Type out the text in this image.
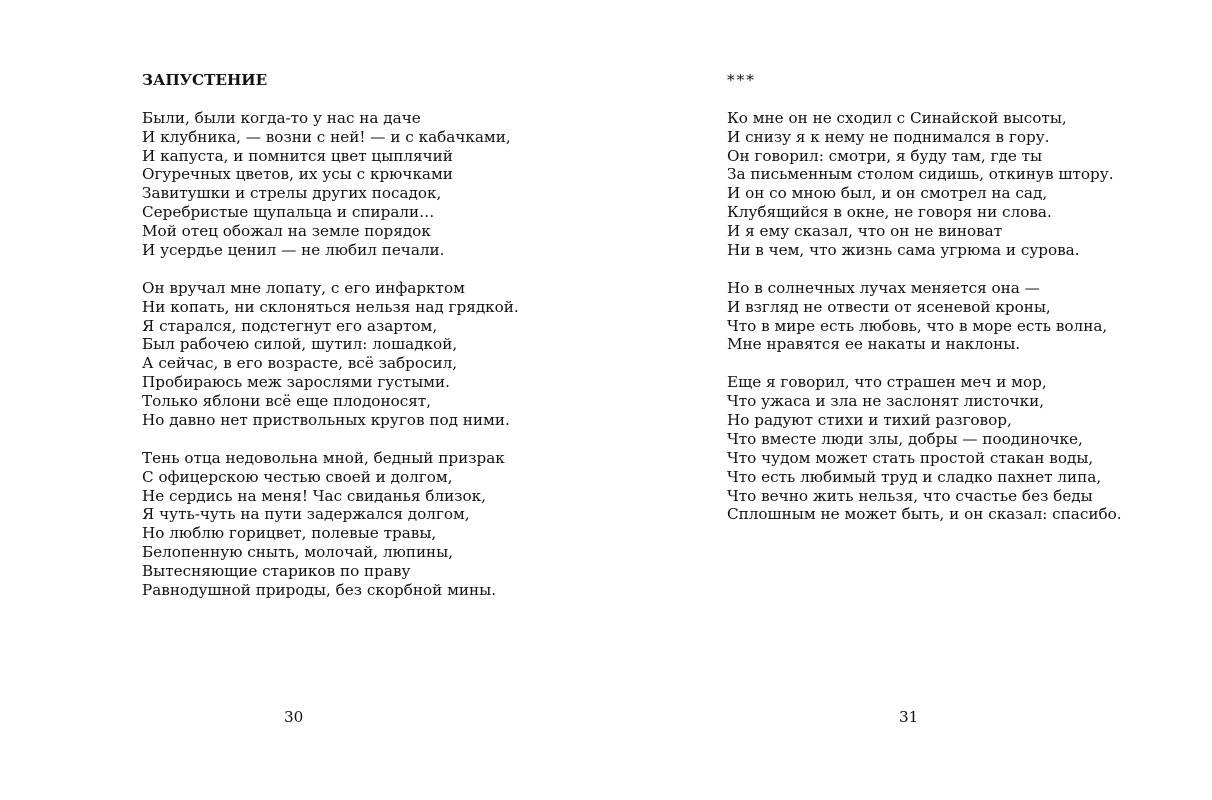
ЗАПУСТЕНИЕ
Были, были когда-то у нас на даче
И клубника, — возни с ней! — и с кабачками,
И капуста, и помнится цвет цыплячий
Огуречных цветов, их усы с крючками
Завитушки и стрелы других посадок,
Серебристые щупальца и спирали…
Мой отец обожал на земле порядок
И усердье ценил — не любил печали.
Он вручал мне лопату, с его инфарктом
Ни копать, ни склоняться нельзя над грядкой.
Я старался, подстегнут его азартом,
Был рабочею силой, шутил: лошадкой,
А сейчас, в его возрасте, всё забросил,
Пробираюсь меж зарослями густыми.
Только яблони всё еще плодоносят,
Но давно нет приствольных кругов под ними.
Тень отца недовольна мной, бедный призрак
С офицерскою честью своей и долгом,
Не сердись на меня! Час свиданья близок,
Я чуть-чуть на пути задержался долгом,
Но люблю горицвет, полевые травы,
Белопенную сныть, молочай, люпины,
Вытесняющие стариков по праву
Равнодушной природы, без скорбной мины.
30
***
Ко мне он не сходил с Синайской высоты,
И снизу я к нему не поднимался в гору.
Он говорил: смотри, я буду там, где ты
За письменным столом сидишь, откинув штору.
И он со мною был, и он смотрел на сад,
Клубящийся в окне, не говоря ни слова.
И я ему сказал, что он не виноват
Ни в чем, что жизнь сама угрюма и сурова.
Но в солнечных лучах меняется она —
И взгляд не отвести от ясеневой кроны,
Что в мире есть любовь, что в море есть волна,
Мне нравятся ее накаты и наклоны.
Еще я говорил, что страшен меч и мор,
Что ужаса и зла не заслонят листочки,
Но радуют стихи и тихий разговор,
Что вместе люди злы, добры — поодиночке,
Что чудом может стать простой стакан воды,
Что есть любимый труд и сладко пахнет липа,
Что вечно жить нельзя, что счастье без беды
Сплошным не может быть, и он сказал: спасибо.
31
